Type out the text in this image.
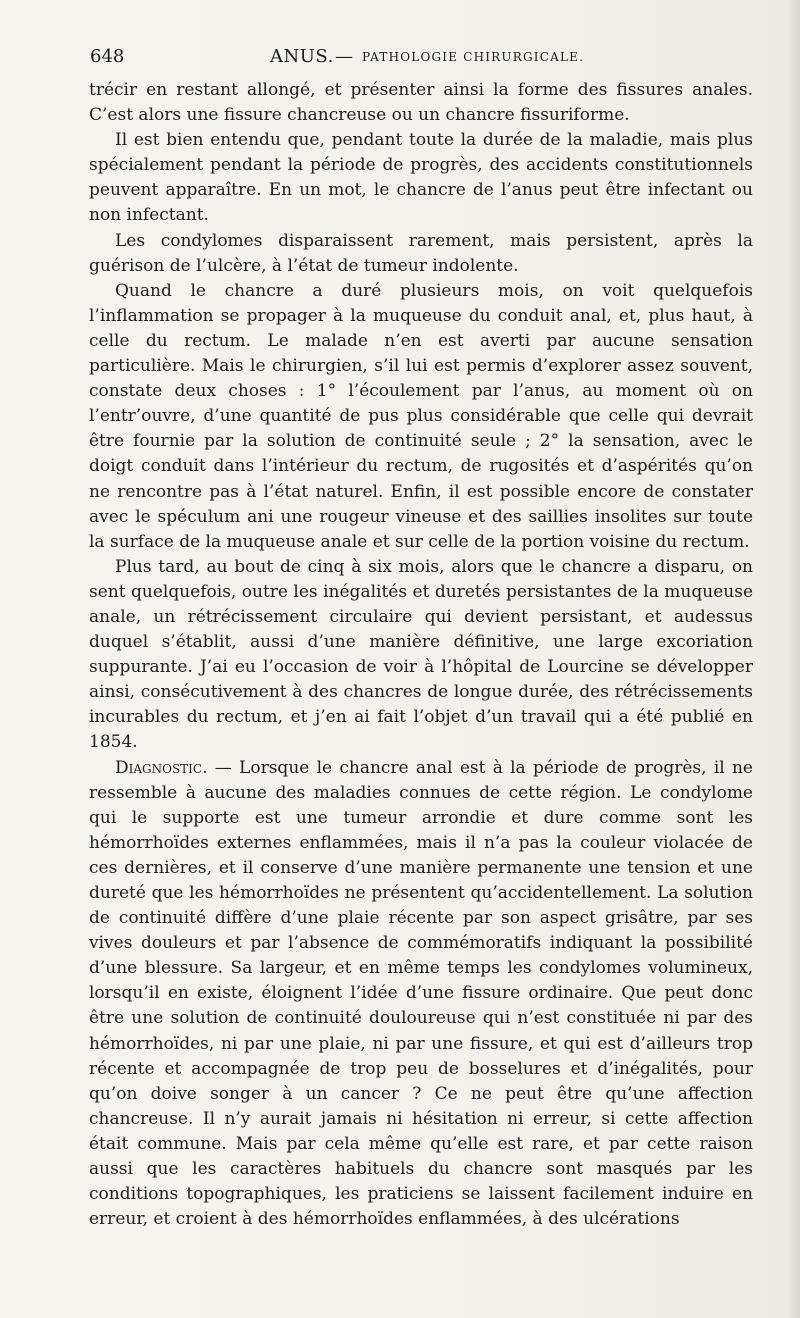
648	ANUS. — PATHOLOGIE CHIRURGICALE.

trécir en restant allongé, et présenter ainsi la forme des fissures anales. C’est alors une fissure chancreuse ou un chancre fissuriforme.

Il est bien entendu que, pendant toute la durée de la maladie, mais plus spécialement pendant la période de progrès, des accidents constitutionnels peuvent apparaître. En un mot, le chancre de l’anus peut être infectant ou non infectant.

Les condylomes disparaissent rarement, mais persistent, après la guérison de l’ulcère, à l’état de tumeur indolente.

Quand le chancre a duré plusieurs mois, on voit quelquefois l’inflammation se propager à la muqueuse du conduit anal, et, plus haut, à celle du rectum. Le malade n’en est averti par aucune sensation particulière. Mais le chirurgien, s’il lui est permis d’explorer assez souvent, constate deux choses : 1° l’écoulement par l’anus, au moment où on l’entr’ouvre, d’une quantité de pus plus considérable que celle qui devrait être fournie par la solution de continuité seule ; 2° la sensation, avec le doigt conduit dans l’intérieur du rectum, de rugosités et d’aspérités qu’on ne rencontre pas à l’état naturel. Enfin, il est possible encore de constater avec le spéculum ani une rougeur vineuse et des saillies insolites sur toute la surface de la muqueuse anale et sur celle de la portion voisine du rectum.

Plus tard, au bout de cinq à six mois, alors que le chancre a disparu, on sent quelquefois, outre les inégalités et duretés persistantes de la muqueuse anale, un rétrécissement circulaire qui devient persistant, et audessus duquel s’établit, aussi d’une manière définitive, une large excoriation suppurante. J’ai eu l’occasion de voir à l’hôpital de Lourcine se développer ainsi, consécutivement à des chancres de longue durée, des rétrécissements incurables du rectum, et j’en ai fait l’objet d’un travail qui a été publié en 1854.

Diagnostic. — Lorsque le chancre anal est à la période de progrès, il ne ressemble à aucune des maladies connues de cette région. Le condylome qui le supporte est une tumeur arrondie et dure comme sont les hémorrhoïdes externes enflammées, mais il n’a pas la couleur violacée de ces dernières, et il conserve d’une manière permanente une tension et une dureté que les hémorrhoïdes ne présentent qu’accidentellement. La solution de continuité diffère d’une plaie récente par son aspect grisâtre, par ses vives douleurs et par l’absence de commémoratifs indiquant la possibilité d’une blessure. Sa largeur, et en même temps les condylomes volumineux, lorsqu’il en existe, éloignent l’idée d’une fissure ordinaire. Que peut donc être une solution de continuité douloureuse qui n’est constituée ni par des hémorrhoïdes, ni par une plaie, ni par une fissure, et qui est d’ailleurs trop récente et accompagnée de trop peu de bosselures et d’inégalités, pour qu’on doive songer à un cancer ? Ce ne peut être qu’une affection chancreuse. Il n’y aurait jamais ni hésitation ni erreur, si cette affection était commune. Mais par cela même qu’elle est rare, et par cette raison aussi que les caractères habituels du chancre sont masqués par les conditions topographiques, les praticiens se laissent facilement induire en erreur, et croient à des hémorrhoïdes enflammées, à des ulcérations
